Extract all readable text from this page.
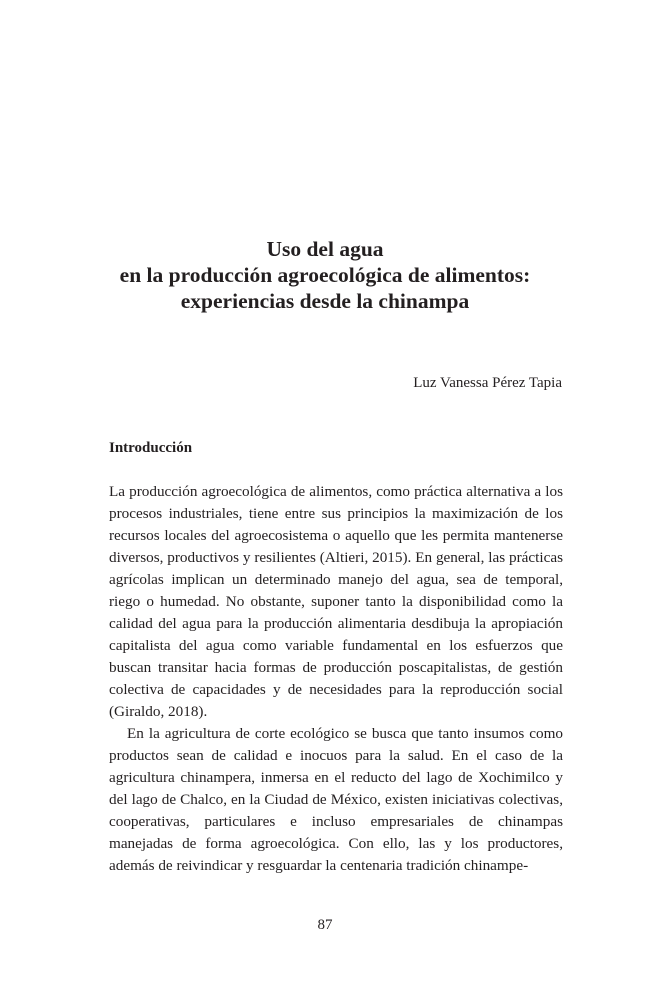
Uso del agua
en la producción agroecológica de alimentos:
experiencias desde la chinampa
Luz Vanessa Pérez Tapia
Introducción

La producción agroecológica de alimentos, como práctica alternativa a los procesos industriales, tiene entre sus principios la maximización de los recursos locales del agroecosistema o aquello que les permita mantenerse diversos, productivos y resilientes (Altieri, 2015). En general, las prácticas agrícolas implican un determinado manejo del agua, sea de temporal, riego o humedad. No obstante, suponer tanto la disponibilidad como la calidad del agua para la producción alimentaria desdibuja la apropiación capitalista del agua como variable fundamental en los esfuerzos que buscan transitar hacia formas de producción poscapitalistas, de gestión colectiva de capacidades y de necesidades para la reproducción social (Giraldo, 2018).

En la agricultura de corte ecológico se busca que tanto insumos como productos sean de calidad e inocuos para la salud. En el caso de la agricultura chinampera, inmersa en el reducto del lago de Xochimilco y del lago de Chalco, en la Ciudad de México, existen iniciativas colectivas, cooperativas, particulares e incluso empresariales de chinampas manejadas de forma agroecológica. Con ello, las y los productores, además de reivindicar y resguardar la centenaria tradición chinampe-

87
